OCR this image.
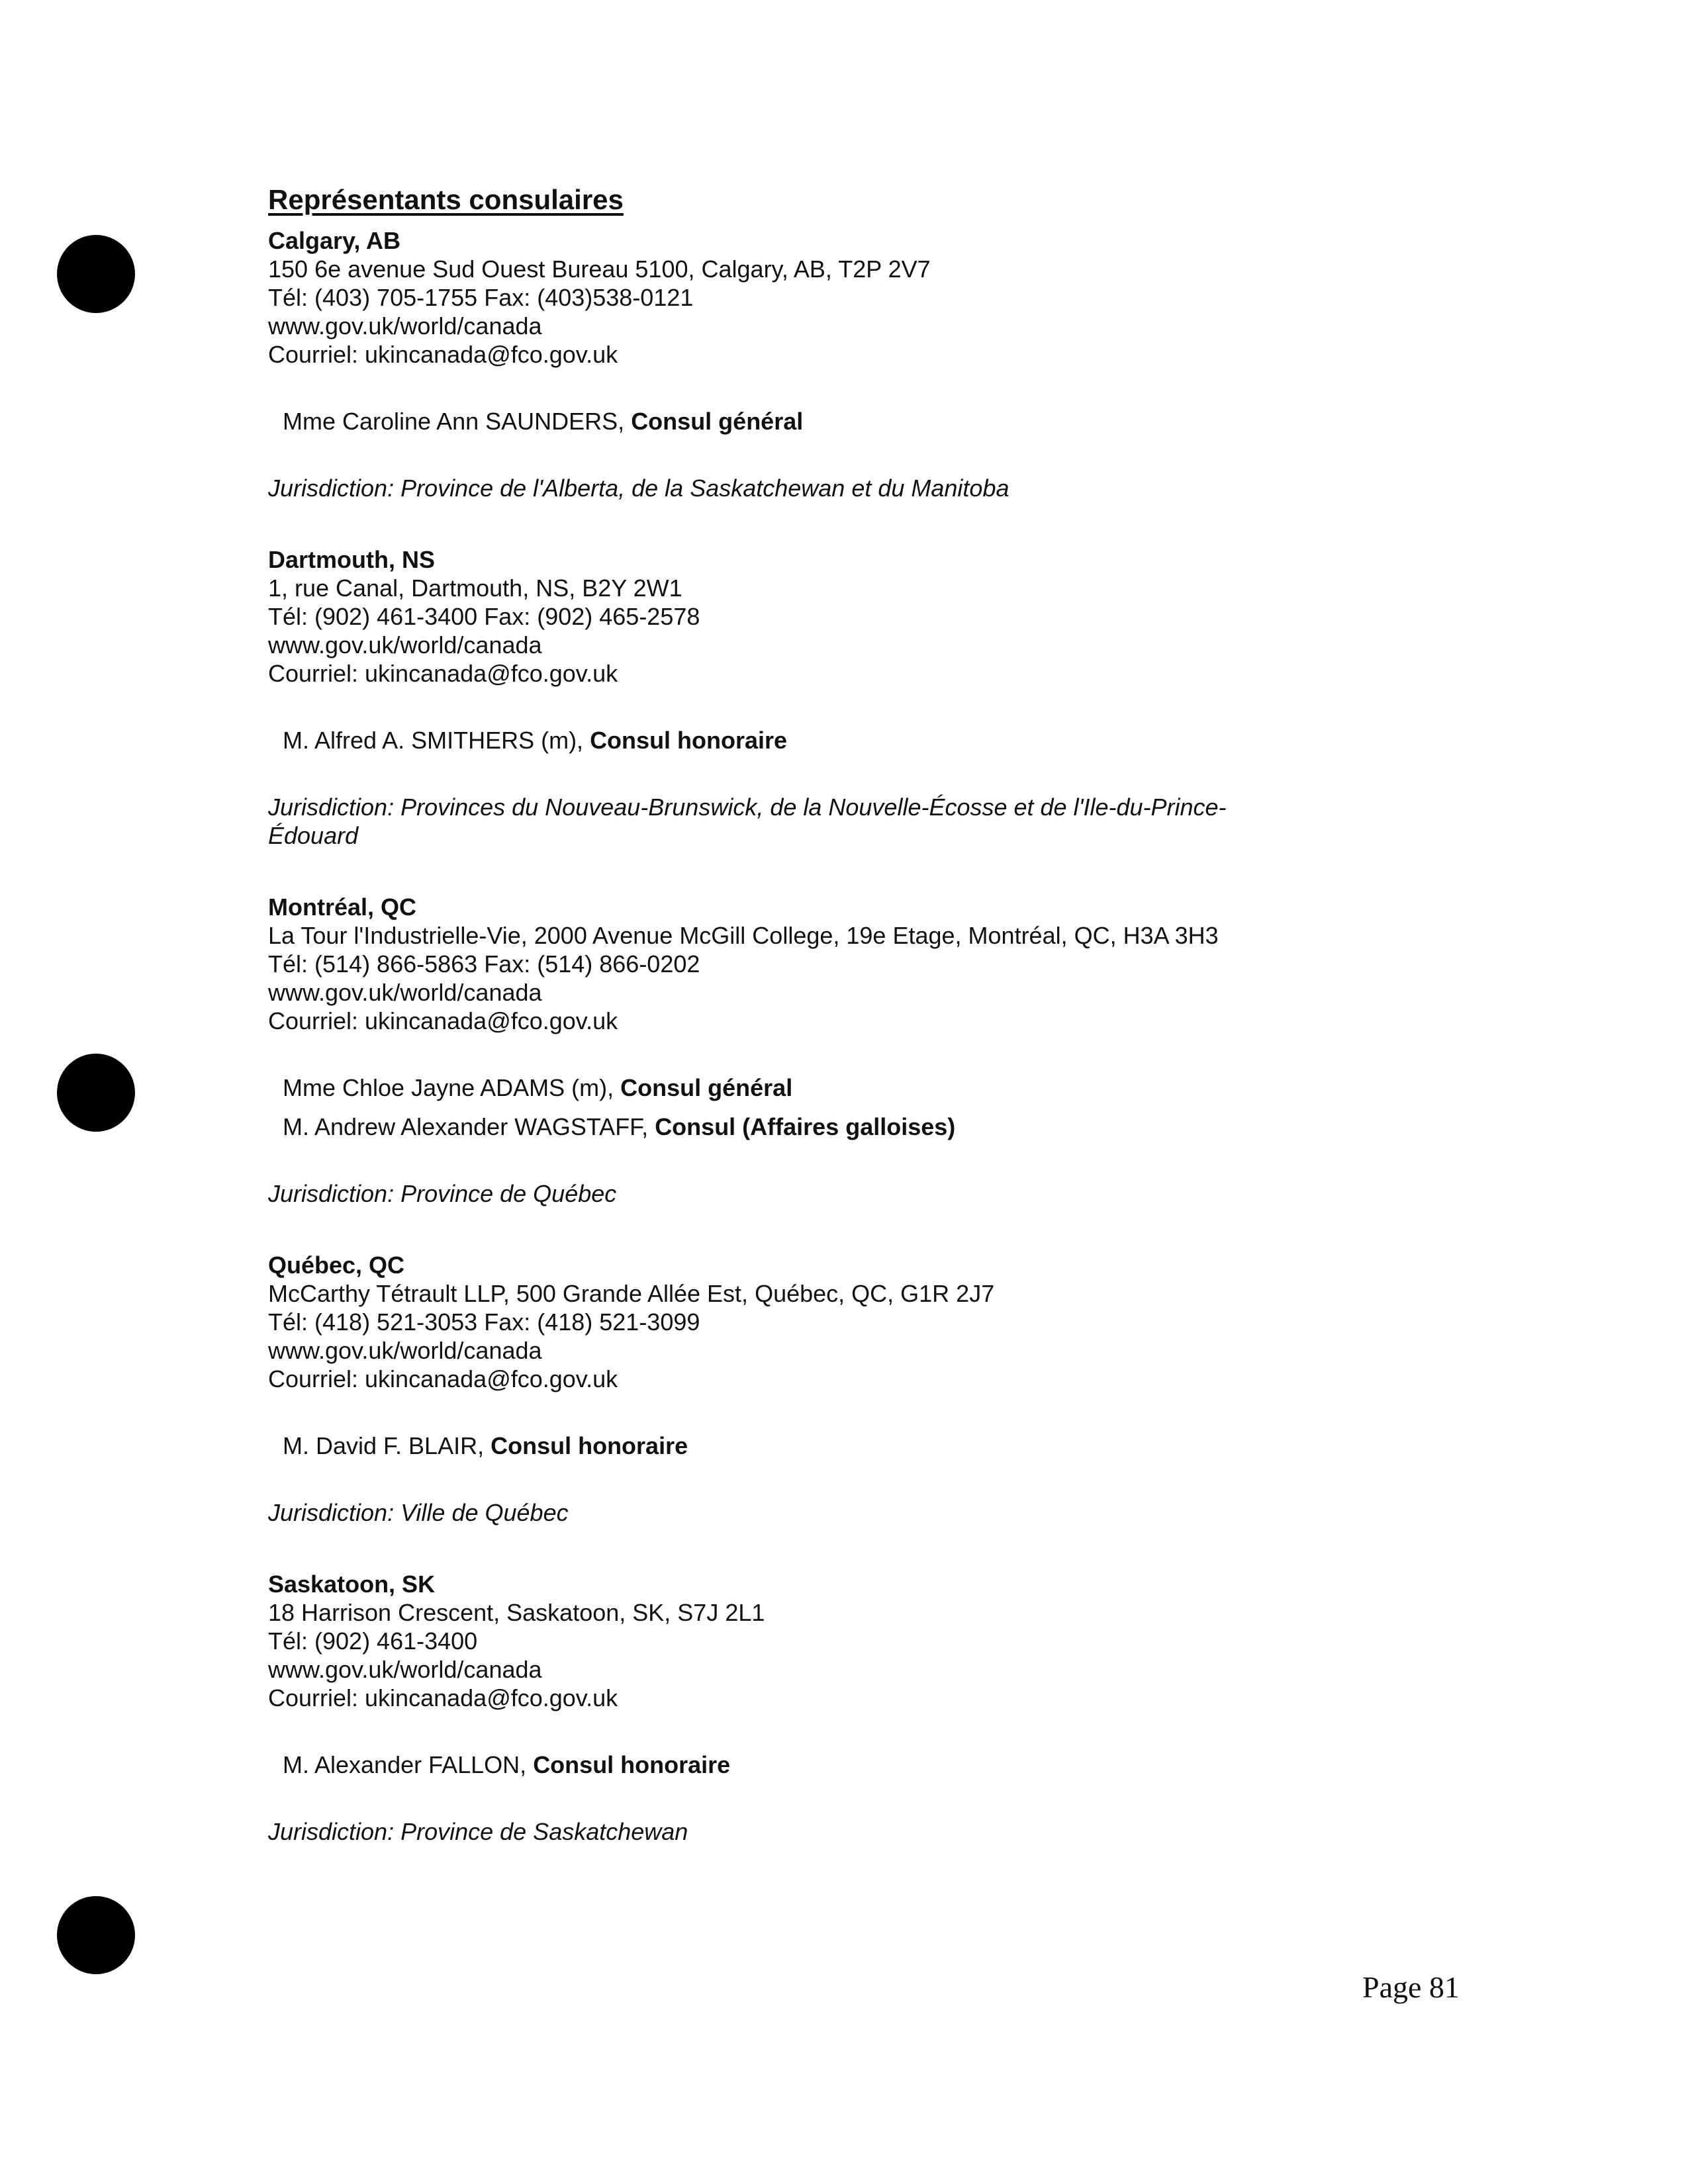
Représentants consulaires
Calgary, AB
150 6e avenue Sud Ouest Bureau 5100, Calgary, AB, T2P 2V7
Tél: (403) 705-1755 Fax: (403)538-0121
www.gov.uk/world/canada
Courriel: ukincanada@fco.gov.uk
Mme Caroline Ann SAUNDERS, Consul général
Jurisdiction: Province de l'Alberta, de la Saskatchewan et du Manitoba
Dartmouth, NS
1, rue Canal, Dartmouth, NS, B2Y 2W1
Tél: (902) 461-3400 Fax: (902) 465-2578
www.gov.uk/world/canada
Courriel: ukincanada@fco.gov.uk
M. Alfred A. SMITHERS (m), Consul honoraire
Jurisdiction: Provinces du Nouveau-Brunswick, de la Nouvelle-Écosse et de l'Ile-du-Prince-
Édouard
Montréal, QC
La Tour l'Industrielle-Vie, 2000 Avenue McGill College, 19e Etage, Montréal, QC, H3A 3H3
Tél: (514) 866-5863 Fax: (514) 866-0202
www.gov.uk/world/canada
Courriel: ukincanada@fco.gov.uk
Mme Chloe Jayne ADAMS (m), Consul général
M. Andrew Alexander WAGSTAFF, Consul (Affaires galloises)
Jurisdiction: Province de Québec
Québec, QC
McCarthy Tétrault LLP, 500 Grande Allée Est, Québec, QC, G1R 2J7
Tél: (418) 521-3053 Fax: (418) 521-3099
www.gov.uk/world/canada
Courriel: ukincanada@fco.gov.uk
M. David F. BLAIR, Consul honoraire
Jurisdiction: Ville de Québec
Saskatoon, SK
18 Harrison Crescent, Saskatoon, SK, S7J 2L1
Tél: (902) 461-3400
www.gov.uk/world/canada
Courriel: ukincanada@fco.gov.uk
M. Alexander FALLON, Consul honoraire
Jurisdiction: Province de Saskatchewan
Page 81
